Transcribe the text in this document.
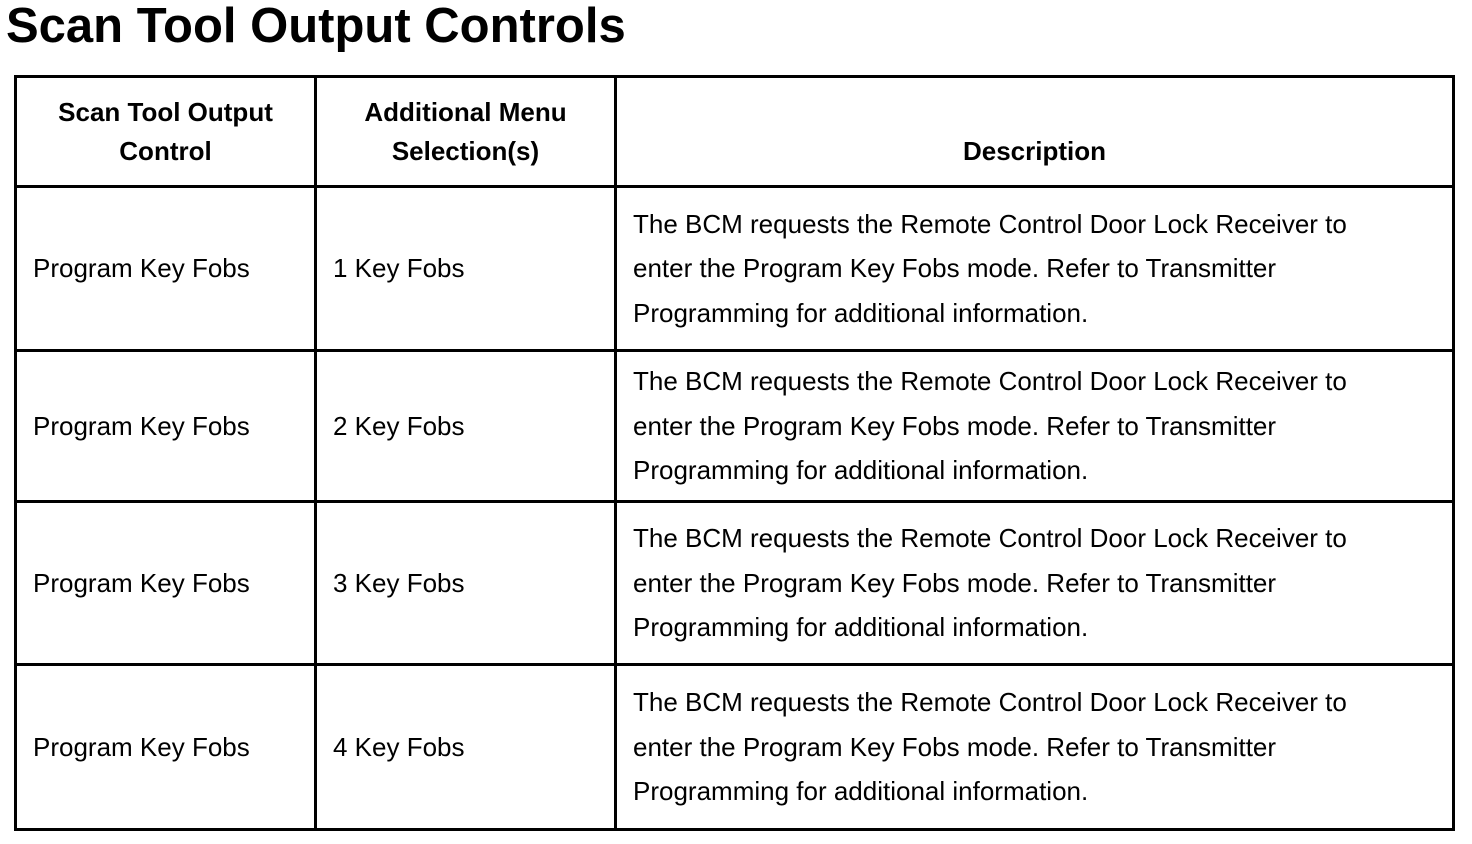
Scan Tool Output Controls
Scan Tool Output Control	Additional Menu Selection(s)	Description
Program Key Fobs	1 Key Fobs	The BCM requests the Remote Control Door Lock Receiver to enter the Program Key Fobs mode. Refer to Transmitter Programming for additional information.
Program Key Fobs	2 Key Fobs	The BCM requests the Remote Control Door Lock Receiver to enter the Program Key Fobs mode. Refer to Transmitter Programming for additional information.
Program Key Fobs	3 Key Fobs	The BCM requests the Remote Control Door Lock Receiver to enter the Program Key Fobs mode. Refer to Transmitter Programming for additional information.
Program Key Fobs	4 Key Fobs	The BCM requests the Remote Control Door Lock Receiver to enter the Program Key Fobs mode. Refer to Transmitter Programming for additional information.
